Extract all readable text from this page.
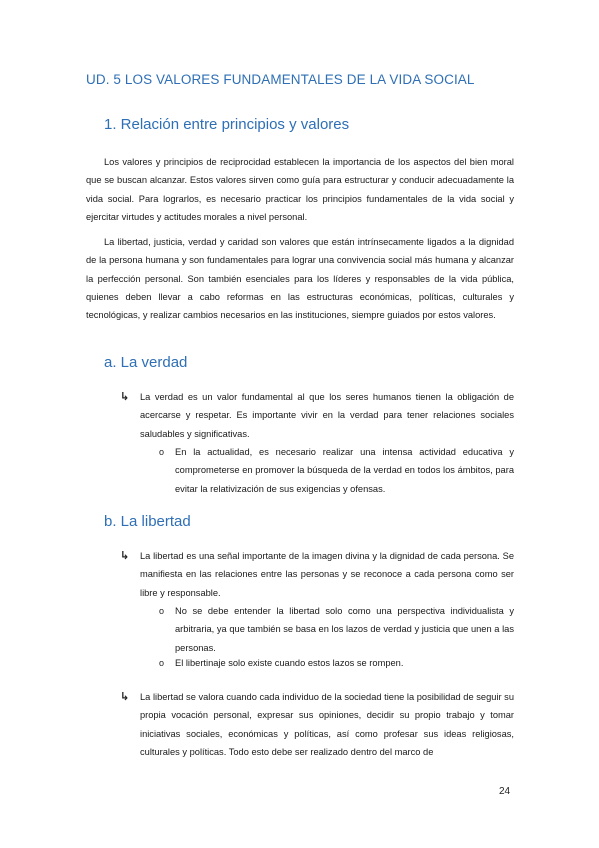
UD. 5 LOS VALORES FUNDAMENTALES DE LA VIDA SOCIAL
1. Relación entre principios y valores

Los valores y principios de reciprocidad establecen la importancia de los aspectos del bien moral que se buscan alcanzar. Estos valores sirven como guía para estructurar y conducir adecuadamente la vida social. Para lograrlos, es necesario practicar los principios fundamentales de la vida social y ejercitar virtudes y actitudes morales a nivel personal.

La libertad, justicia, verdad y caridad son valores que están intrínsecamente ligados a la dignidad de la persona humana y son fundamentales para lograr una convivencia social más humana y alcanzar la perfección personal. Son también esenciales para los líderes y responsables de la vida pública, quienes deben llevar a cabo reformas en las estructuras económicas, políticas, culturales y tecnológicas, y realizar cambios necesarios en las instituciones, siempre guiados por estos valores.

a. La verdad
↳ La verdad es un valor fundamental al que los seres humanos tienen la obligación de acercarse y respetar. Es importante vivir en la verdad para tener relaciones sociales saludables y significativas.

o En la actualidad, es necesario realizar una intensa actividad educativa y comprometerse en promover la búsqueda de la verdad en todos los ámbitos, para evitar la relativización de sus exigencias y ofensas.

b. La libertad
↳ La libertad es una señal importante de la imagen divina y la dignidad de cada persona. Se manifiesta en las relaciones entre las personas y se reconoce a cada persona como ser libre y responsable.

o No se debe entender la libertad solo como una perspectiva individualista y arbitraria, ya que también se basa en los lazos de verdad y justicia que unen a las personas.

o El libertinaje solo existe cuando estos lazos se rompen.

↳ La libertad se valora cuando cada individuo de la sociedad tiene la posibilidad de seguir su propia vocación personal, expresar sus opiniones, decidir su propio trabajo y tomar iniciativas sociales, económicas y políticas, así como profesar sus ideas religiosas, culturales y políticas. Todo esto debe ser realizado dentro del marco de

24
